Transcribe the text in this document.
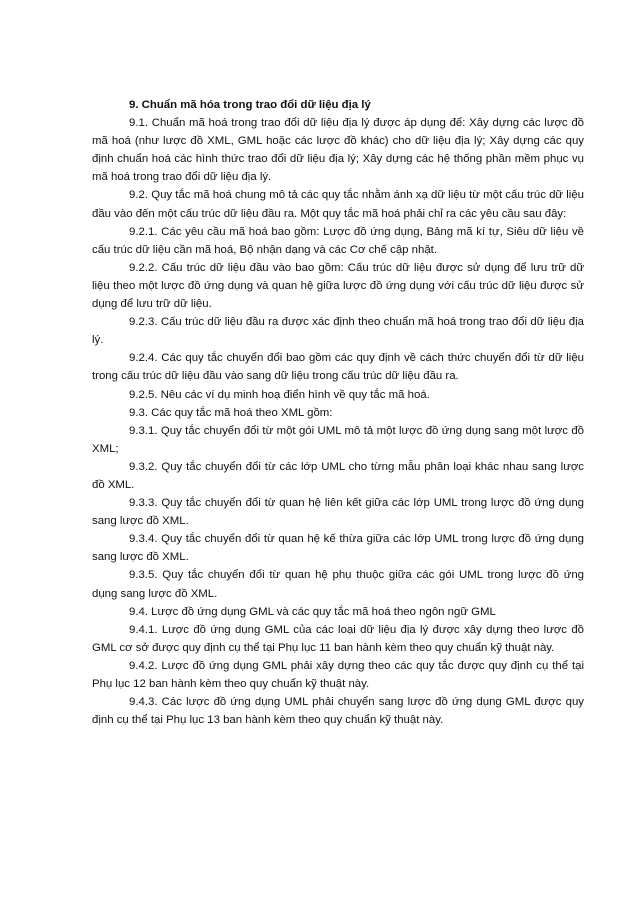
9. Chuẩn mã hóa trong trao đổi dữ liệu địa lý

9.1. Chuẩn mã hoá trong trao đổi dữ liệu địa lý được áp dụng để: Xây dựng các lược đồ mã hoá (như lược đồ XML, GML hoặc các lược đồ khác) cho dữ liệu địa lý; Xây dựng các quy định chuẩn hoá các hình thức trao đổi dữ liệu địa lý; Xây dựng các hệ thống phần mềm phục vụ mã hoá trong trao đổi dữ liệu địa lý.

9.2. Quy tắc mã hoá chung mô tả các quy tắc nhằm ánh xạ dữ liệu từ một cấu trúc dữ liệu đầu vào đến một cấu trúc dữ liệu đầu ra. Một quy tắc mã hoá phải chỉ ra các yêu cầu sau đây:

9.2.1. Các yêu cầu mã hoá bao gồm: Lược đồ ứng dụng, Bảng mã kí tự, Siêu dữ liệu về cấu trúc dữ liệu cần mã hoá, Bộ nhận dạng và các Cơ chế cập nhật.

9.2.2. Cấu trúc dữ liệu đầu vào bao gồm: Cấu trúc dữ liệu được sử dụng để lưu trữ dữ liệu theo một lược đồ ứng dụng và quan hệ giữa lược đồ ứng dụng với cấu trúc dữ liệu được sử dụng để lưu trữ dữ liệu.

9.2.3. Cấu trúc dữ liệu đầu ra được xác định theo chuẩn mã hoá trong trao đổi dữ liệu địa lý.

9.2.4. Các quy tắc chuyển đổi bao gồm các quy định về cách thức chuyển đổi từ dữ liệu trong cấu trúc dữ liệu đầu vào sang dữ liệu trong cấu trúc dữ liệu đầu ra.

9.2.5. Nêu các ví dụ minh hoạ điển hình về quy tắc mã hoá.

9.3. Các quy tắc mã hoá theo XML gồm:

9.3.1. Quy tắc chuyển đổi từ một gói UML mô tả một lược đồ ứng dụng sang một lược đồ XML;

9.3.2. Quy tắc chuyển đổi từ các lớp UML cho từng mẫu phân loại khác nhau sang lược đồ XML.

9.3.3. Quy tắc chuyển đổi từ quan hệ liên kết giữa các lớp UML trong lược đồ ứng dụng sang lược đồ XML.

9.3.4. Quy tắc chuyển đổi từ quan hệ kế thừa giữa các lớp UML trong lược đồ ứng dụng sang lược đồ XML.

9.3.5. Quy tắc chuyển đổi từ quan hệ phụ thuộc giữa các gói UML trong lược đồ ứng dụng sang lược đồ XML.

9.4. Lược đồ ứng dụng GML và các quy tắc mã hoá theo ngôn ngữ GML

9.4.1. Lược đồ ứng dụng GML của các loại dữ liệu địa lý được xây dựng theo lược đồ GML cơ sở được quy định cụ thể tại Phụ lục 11 ban hành kèm theo quy chuẩn kỹ thuật này.

9.4.2. Lược đồ ứng dụng GML phải xây dựng theo các quy tắc được quy định cụ thể tại Phụ lục 12 ban hành kèm theo quy chuẩn kỹ thuật này.

9.4.3. Các lược đồ ứng dụng UML phải chuyển sang lược đồ ứng dụng GML được quy định cụ thể tại Phụ lục 13 ban hành kèm theo quy chuẩn kỹ thuật này.
